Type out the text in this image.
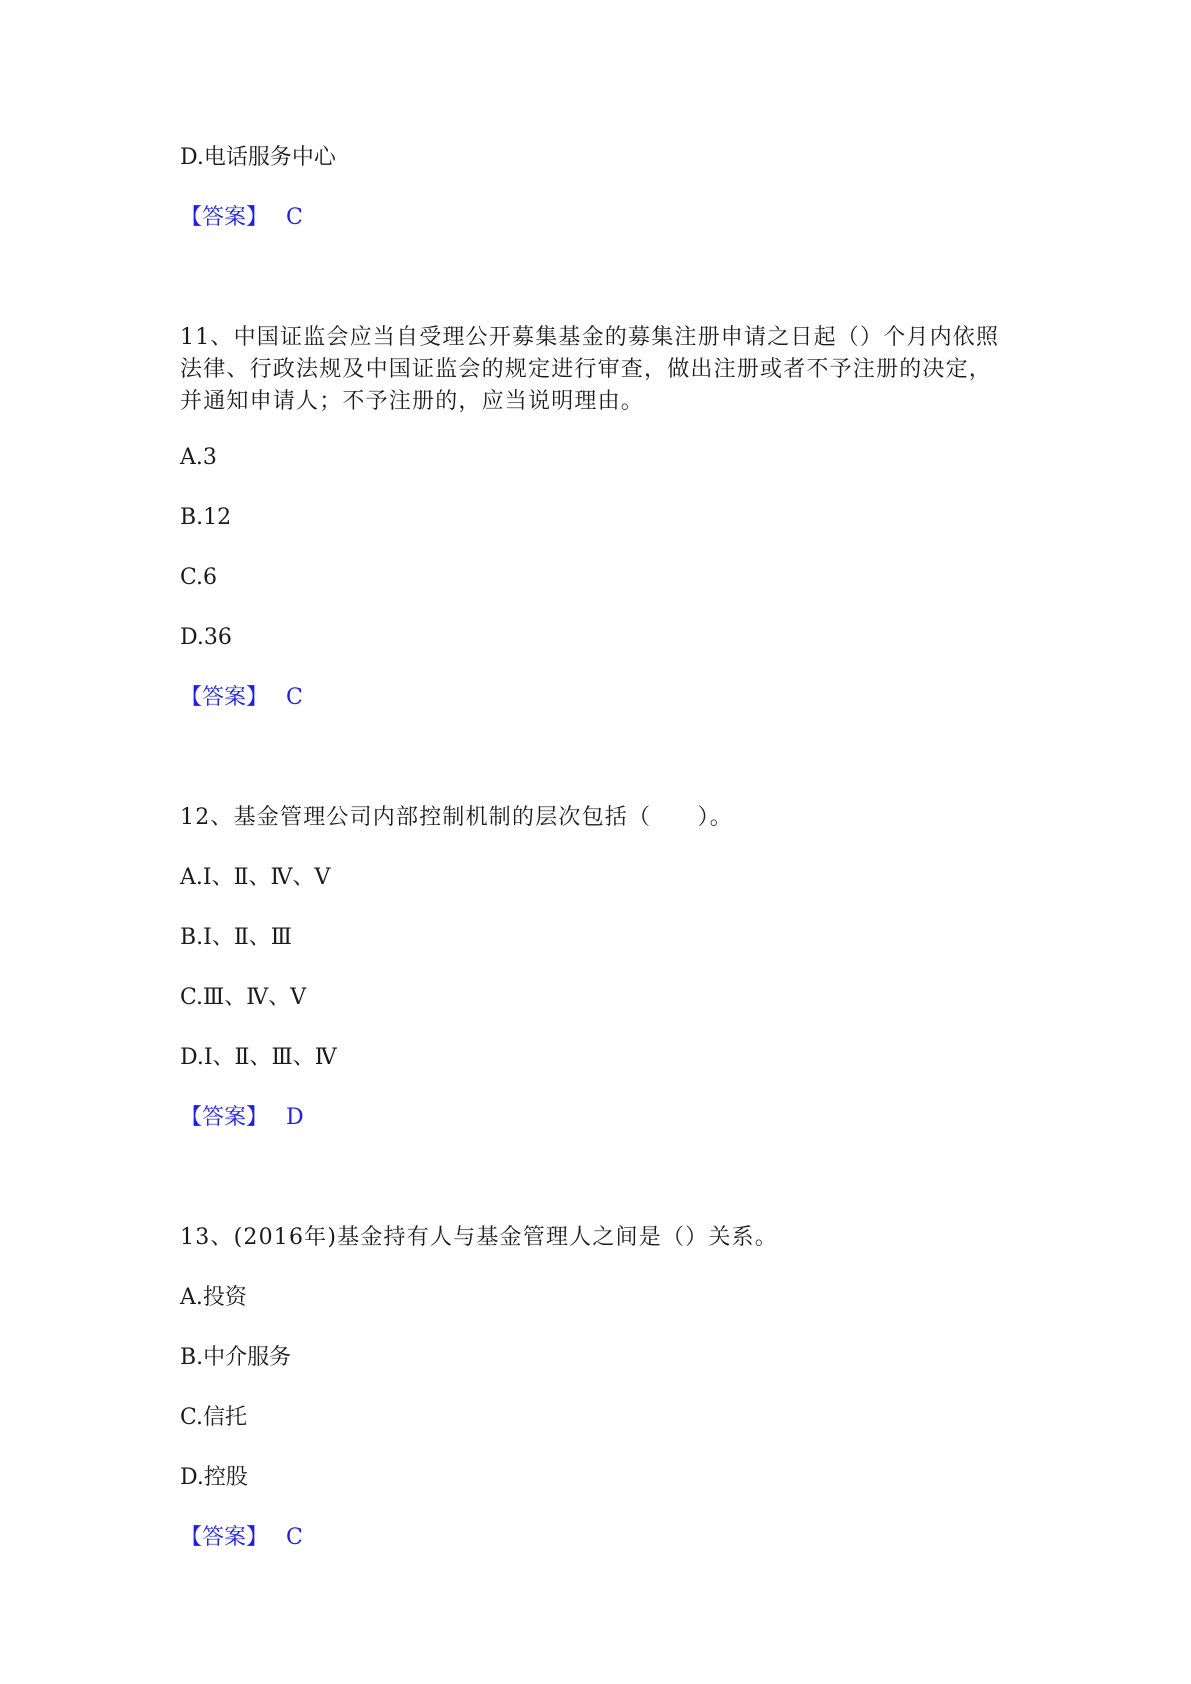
D.电话服务中心
【答案】 C
11、中国证监会应当自受理公开募集基金的募集注册申请之日起（）个月内依照法律、行政法规及中国证监会的规定进行审查，做出注册或者不予注册的决定，并通知申请人；不予注册的，应当说明理由。
A.3
B.12
C.6
D.36
【答案】 C
12、基金管理公司内部控制机制的层次包括（　　）。
A.Ⅰ、Ⅱ、Ⅳ、Ⅴ
B.Ⅰ、Ⅱ、Ⅲ
C.Ⅲ、Ⅳ、Ⅴ
D.Ⅰ、Ⅱ、Ⅲ、Ⅳ
【答案】 D
13、(2016年)基金持有人与基金管理人之间是（）关系。
A.投资
B.中介服务
C.信托
D.控股
【答案】 C
